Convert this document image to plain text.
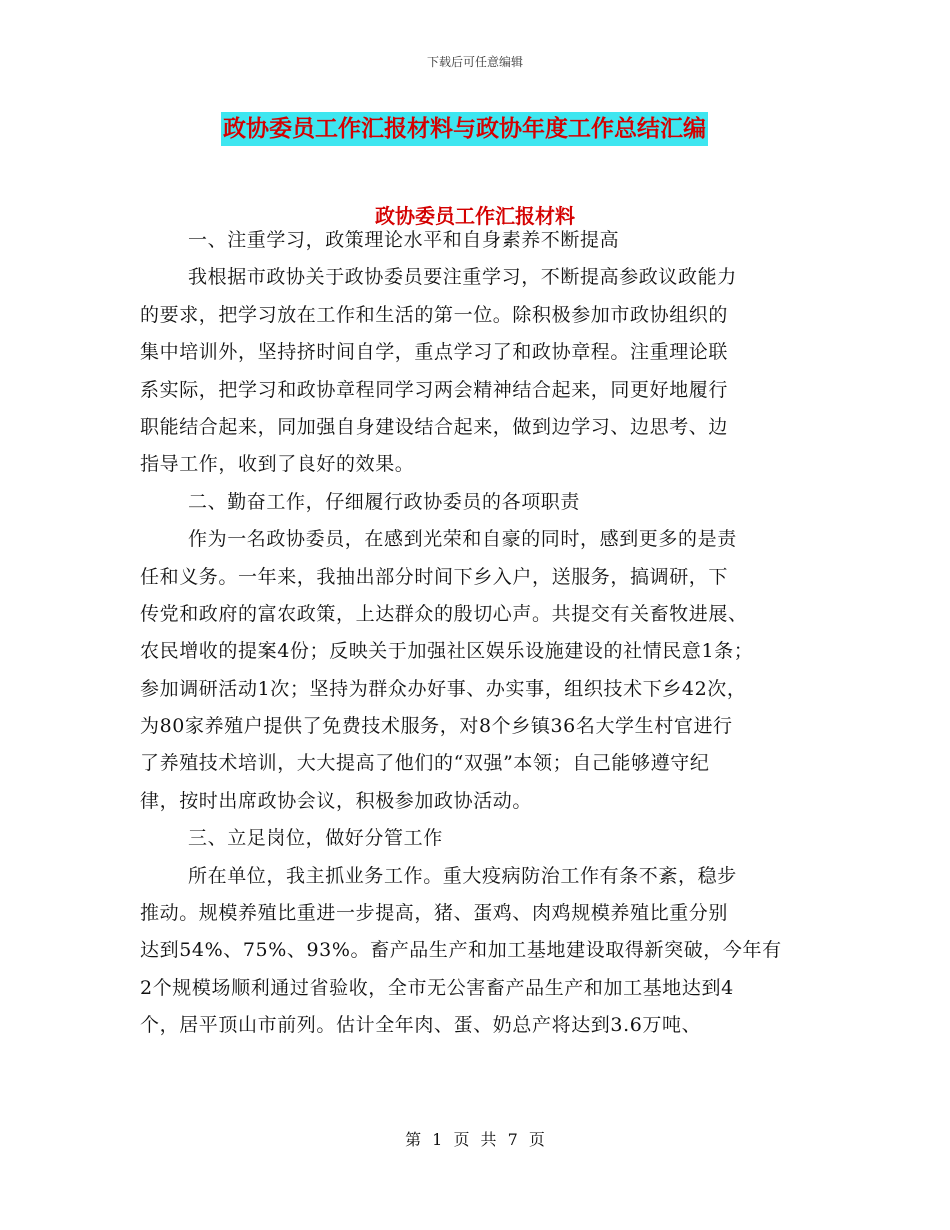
下载后可任意编辑
政协委员工作汇报材料与政协年度工作总结汇编
政协委员工作汇报材料
一、注重学习，政策理论水平和自身素养不断提高
我根据市政协关于政协委员要注重学习，不断提高参政议政能力
的要求，把学习放在工作和生活的第一位。除积极参加市政协组织的
集中培训外，坚持挤时间自学，重点学习了和政协章程。注重理论联
系实际，把学习和政协章程同学习两会精神结合起来，同更好地履行
职能结合起来，同加强自身建设结合起来，做到边学习、边思考、边
指导工作，收到了良好的效果。
二、勤奋工作，仔细履行政协委员的各项职责
作为一名政协委员，在感到光荣和自豪的同时，感到更多的是责
任和义务。一年来，我抽出部分时间下乡入户，送服务，搞调研，下
传党和政府的富农政策，上达群众的殷切心声。共提交有关畜牧进展、
农民增收的提案4份；反映关于加强社区娱乐设施建设的社情民意1条；
参加调研活动1次；坚持为群众办好事、办实事，组织技术下乡42次，
为80家养殖户提供了免费技术服务，对8个乡镇36名大学生村官进行
了养殖技术培训，大大提高了他们的“双强”本领；自己能够遵守纪
律，按时出席政协会议，积极参加政协活动。
三、立足岗位，做好分管工作
所在单位，我主抓业务工作。重大疫病防治工作有条不紊，稳步
推动。规模养殖比重进一步提高，猪、蛋鸡、肉鸡规模养殖比重分别
达到54%、75%、93%。畜产品生产和加工基地建设取得新突破，今年有
2个规模场顺利通过省验收，全市无公害畜产品生产和加工基地达到4
个，居平顶山市前列。估计全年肉、蛋、奶总产将达到3.6万吨、
第 1 页 共 7 页
